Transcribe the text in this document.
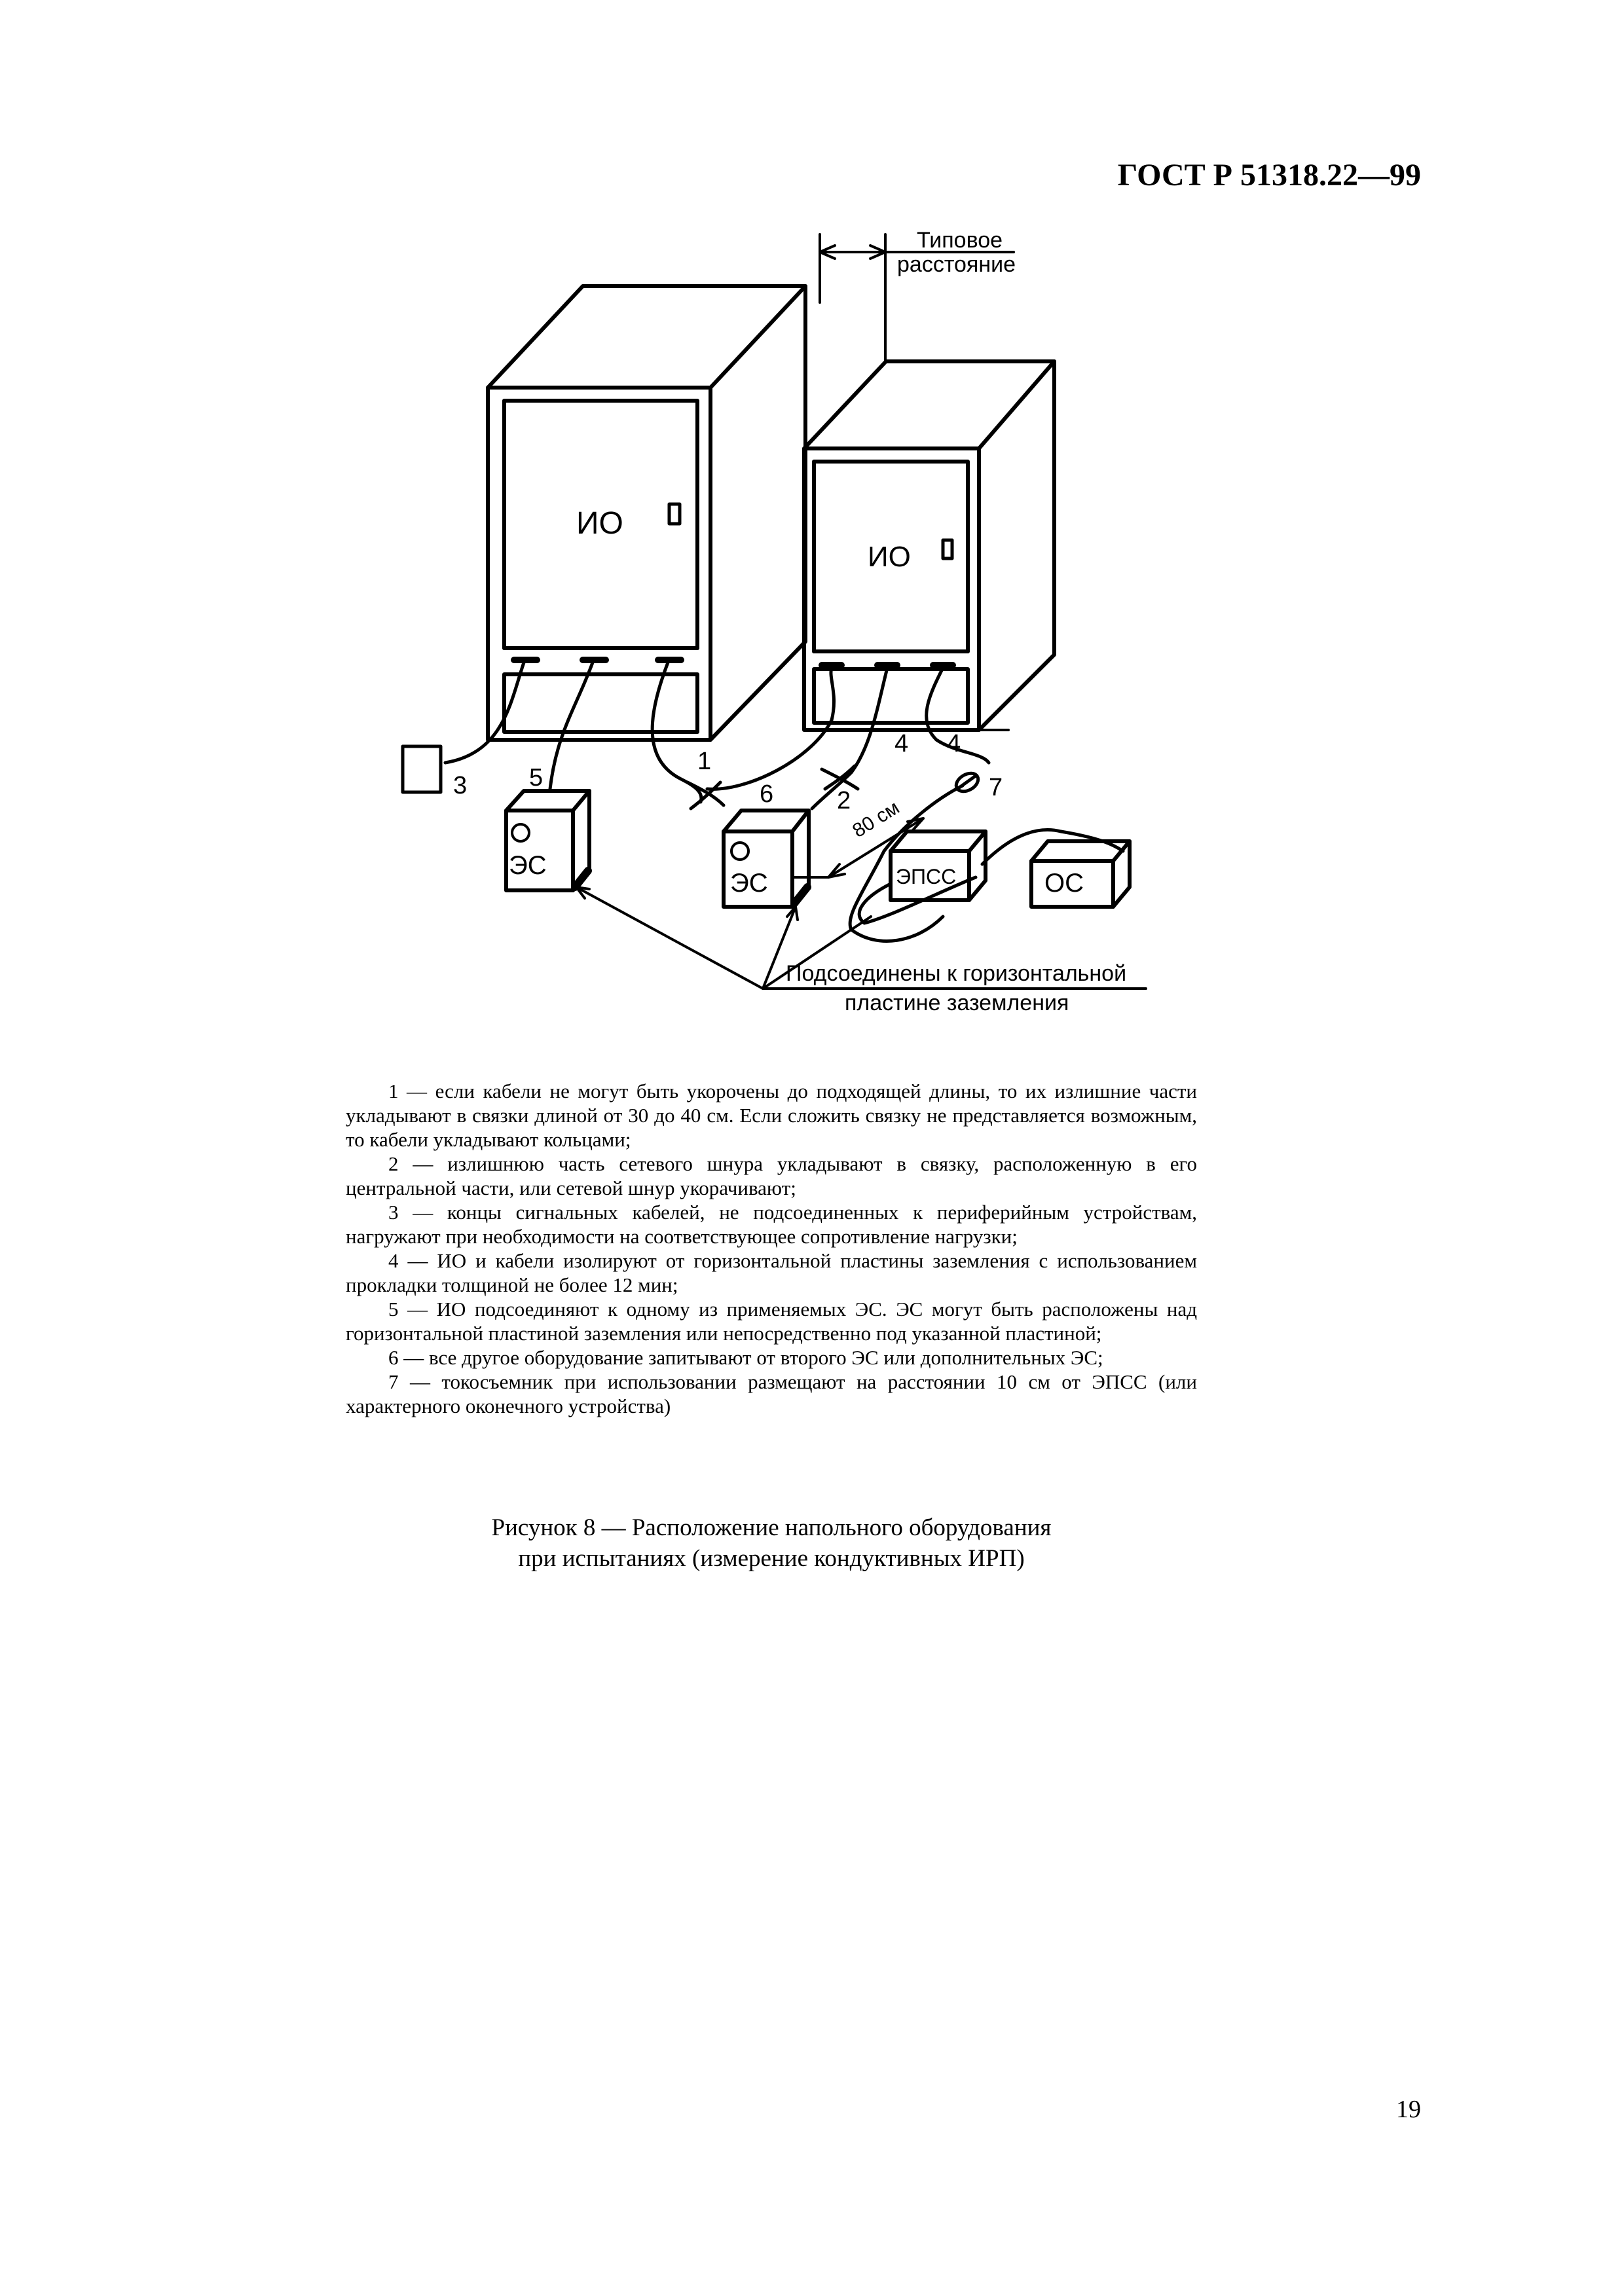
ГОСТ Р 51318.22—99
Типовое
расстояние
ИО
ИО
3 5
1
6	2
4 4
7
ЭС
ЭС	ЭПСС	ОС
80 см
Подсоединены к горизонтальной
пластине заземления

1 — если кабели не могут быть укорочены до подходящей длины, то их излишние части укладывают в связки длиной от 30 до 40 см. Если сложить связку не представляется возможным, то кабели укладывают кольцами;

2 — излишнюю часть сетевого шнура укладывают в связку, расположенную в его центральной части, или сетевой шнур укорачивают;

3 — концы сигнальных кабелей, не подсоединенных к периферийным устройствам, нагружают при необходимости на соответствующее сопротивление нагрузки;

4 — ИО и кабели изолируют от горизонтальной пластины заземления с использованием прокладки толщиной не более 12 мин;

5 — ИО подсоединяют к одному из применяемых ЭС. ЭС могут быть расположены над горизонтальной пластиной заземления или непосредственно под указанной пластиной;

6 — все другое оборудование запитывают от второго ЭС или дополнительных ЭС;

7 — токосъемник при использовании размещают на расстоянии 10 см от ЭПСС (или характерного оконечного устройства)

Рисунок 8 — Расположение напольного оборудования
при испытаниях (измерение кондуктивных ИРП)
19
